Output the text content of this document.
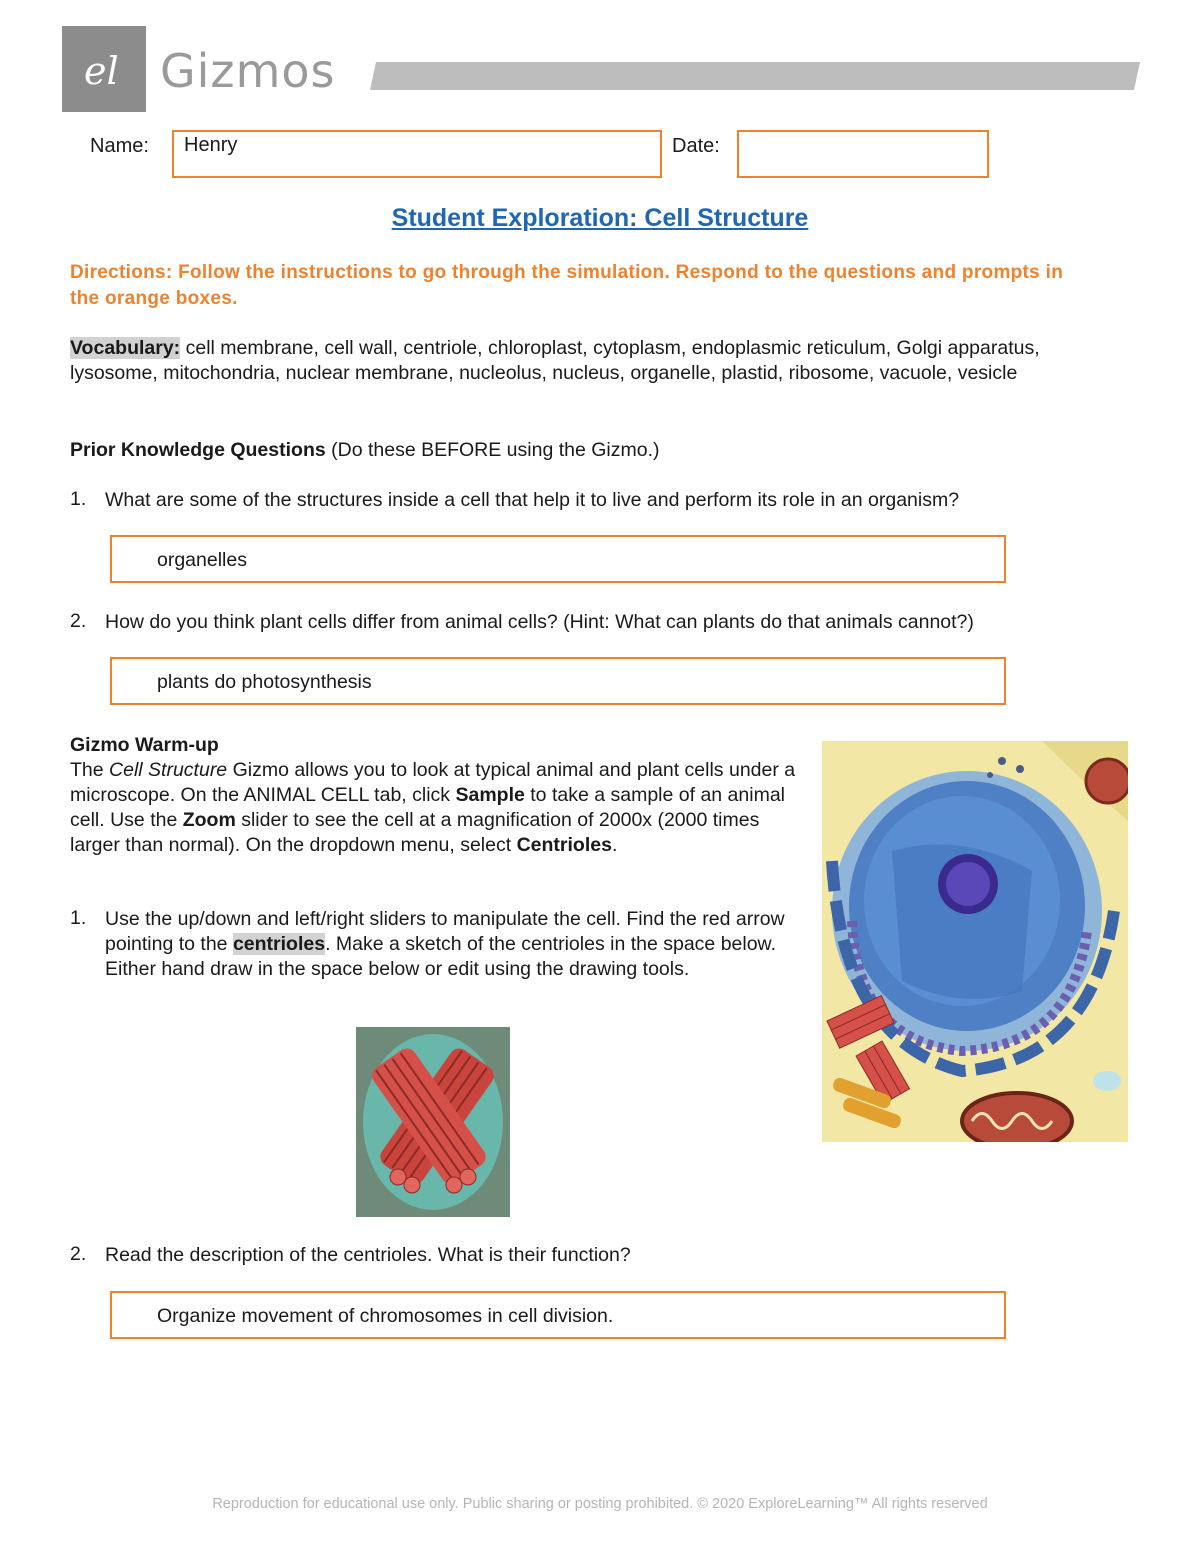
el Gizmos
Name:	Henry	Date:
Student Exploration: Cell Structure
Directions: Follow the instructions to go through the simulation. Respond to the questions and prompts in the orange boxes.
Vocabulary: cell membrane, cell wall, centriole, chloroplast, cytoplasm, endoplasmic reticulum, Golgi apparatus, lysosome, mitochondria, nuclear membrane, nucleolus, nucleus, organelle, plastid, ribosome, vacuole, vesicle
Prior Knowledge Questions (Do these BEFORE using the Gizmo.)
1. What are some of the structures inside a cell that help it to live and perform its role in an organism?
organelles
2. How do you think plant cells differ from animal cells? (Hint: What can plants do that animals cannot?)
plants do photosynthesis
Gizmo Warm-up
The Cell Structure Gizmo allows you to look at typical animal and plant cells under a microscope. On the ANIMAL CELL tab, click Sample to take a sample of an animal cell. Use the Zoom slider to see the cell at a magnification of 2000x (2000 times larger than normal). On the dropdown menu, select Centrioles.
1. Use the up/down and left/right sliders to manipulate the cell. Find the red arrow pointing to the centrioles. Make a sketch of the centrioles in the space below. Either hand draw in the space below or edit using the drawing tools.
2. Read the description of the centrioles. What is their function?
Organize movement of chromosomes in cell division.
Reproduction for educational use only. Public sharing or posting prohibited. © 2020 ExploreLearning™ All rights reserved
